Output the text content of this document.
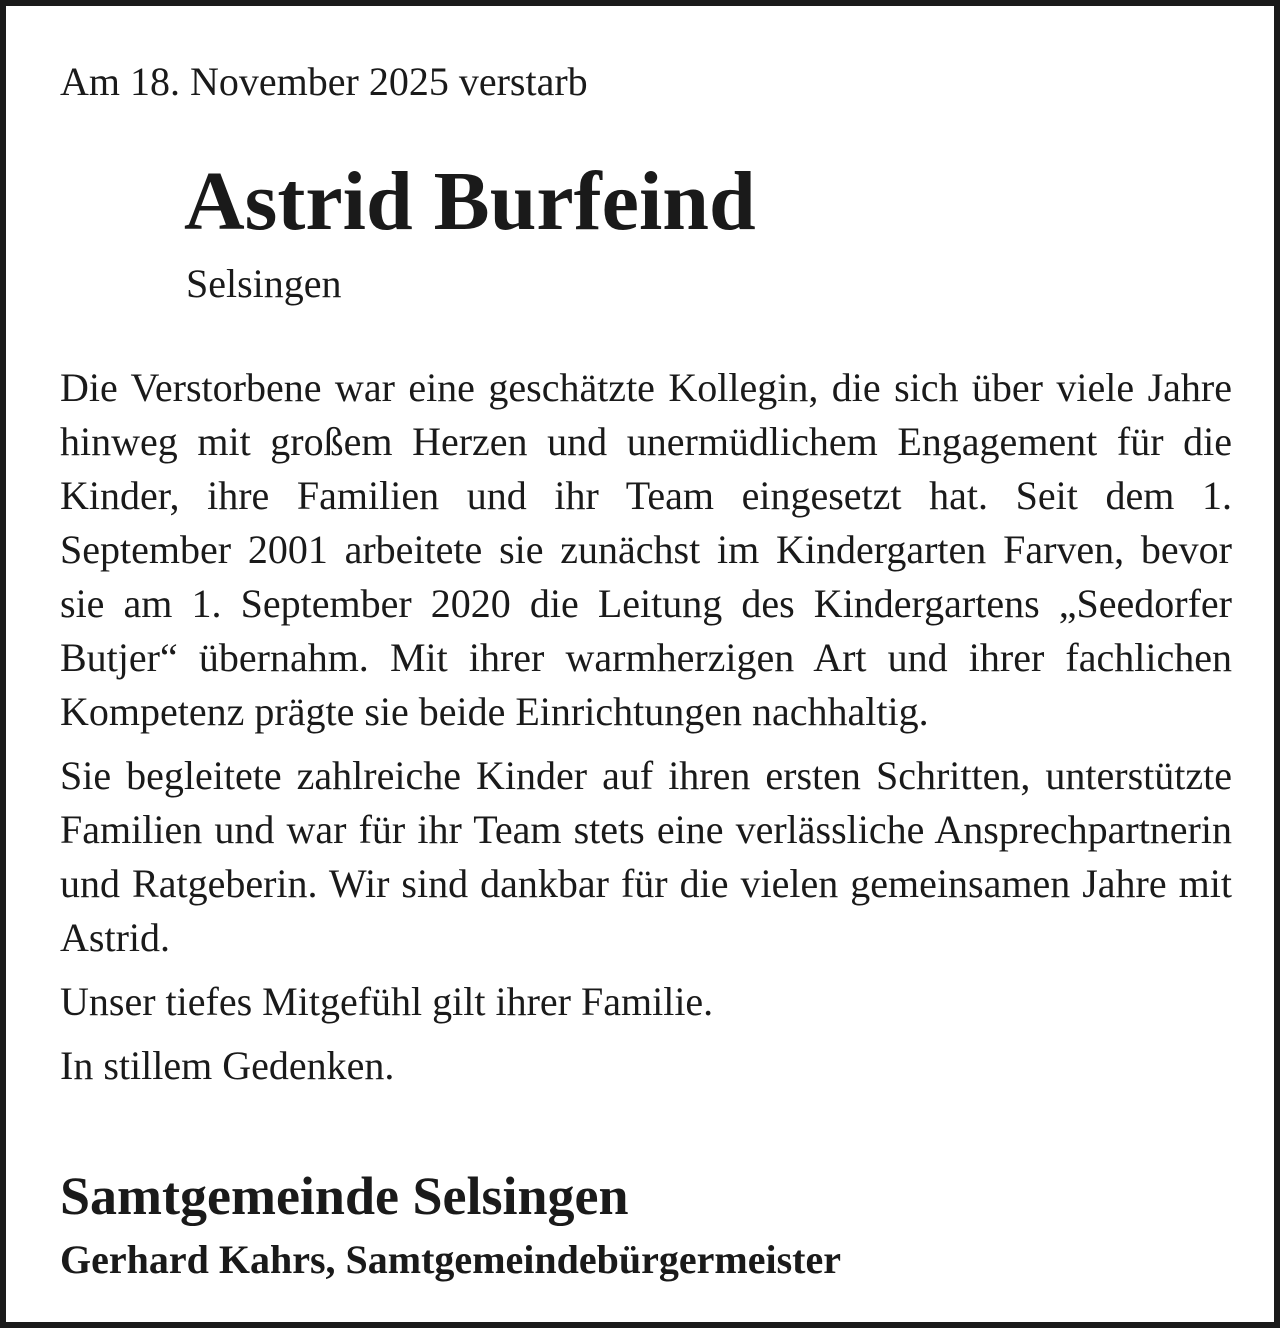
Am 18. November 2025 verstarb
Astrid Burfeind
Selsingen

Die Verstorbene war eine geschätzte Kollegin, die sich über viele Jahre hinweg mit großem Herzen und unermüdlichem Engagement für die Kinder, ihre Familien und ihr Team eingesetzt hat. Seit dem 1. September 2001 arbeitete sie zunächst im Kindergarten Farven, bevor sie am 1. September 2020 die Leitung des Kindergartens „Seedorfer Butjer“ übernahm. Mit ihrer warmherzigen Art und ihrer fachlichen Kompetenz prägte sie beide Einrichtungen nachhaltig.

Sie begleitete zahlreiche Kinder auf ihren ersten Schritten, unterstützte Familien und war für ihr Team stets eine verlässliche Ansprechpartnerin und Ratgeberin. Wir sind dankbar für die vielen gemeinsamen Jahre mit Astrid.

Unser tiefes Mitgefühl gilt ihrer Familie.

In stillem Gedenken.

Samtgemeinde Selsingen
Gerhard Kahrs, Samtgemeindebürgermeister
